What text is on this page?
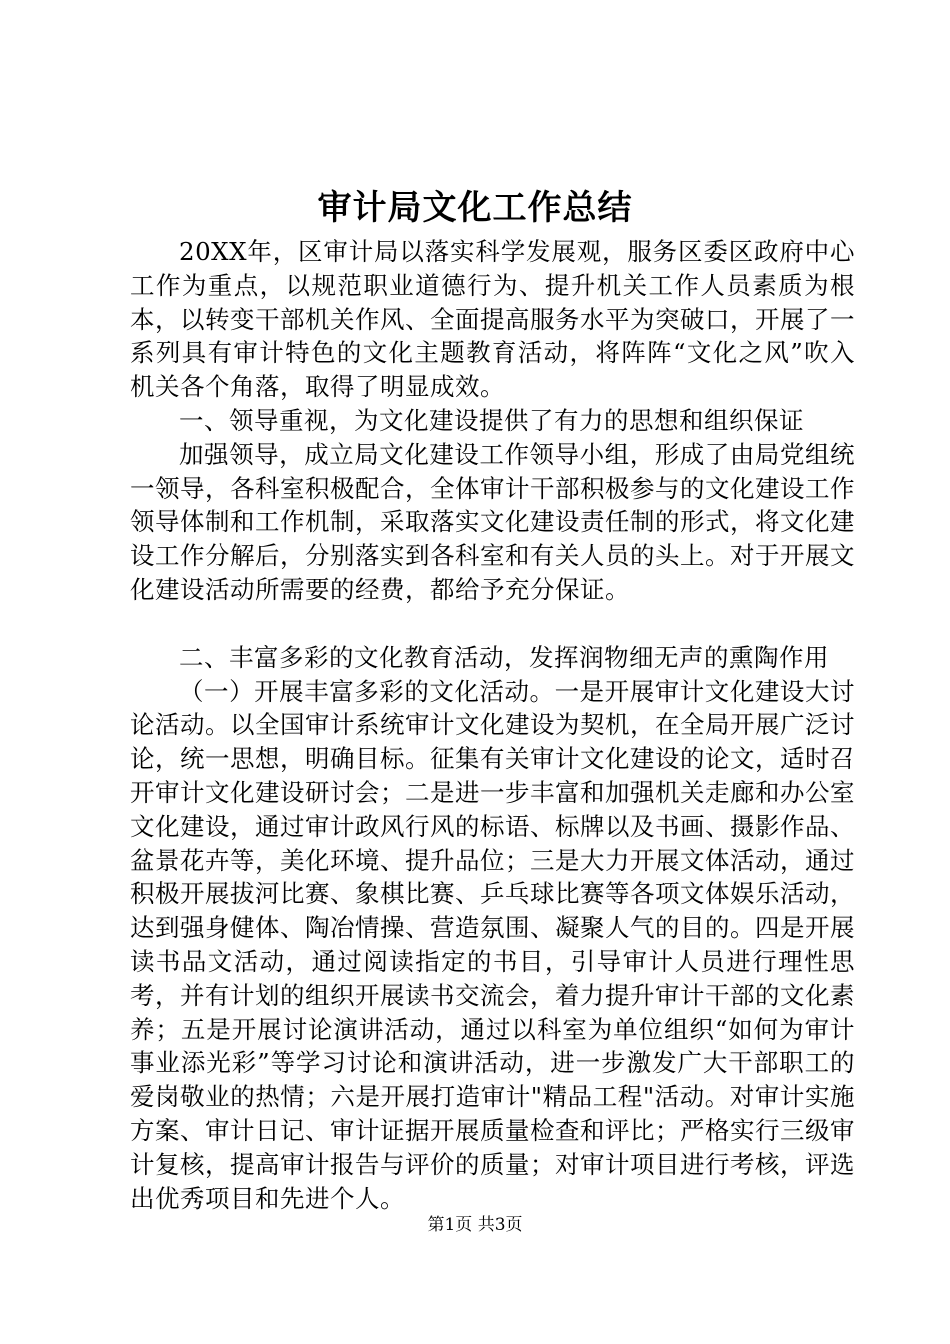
审计局文化工作总结

20XX年，区审计局以落实科学发展观，服务区委区政府中心工作为重点，以规范职业道德行为、提升机关工作人员素质为根本，以转变干部机关作风、全面提高服务水平为突破口，开展了一系列具有审计特色的文化主题教育活动，将阵阵“文化之风”吹入机关各个角落，取得了明显成效。

一、领导重视，为文化建设提供了有力的思想和组织保证

加强领导，成立局文化建设工作领导小组，形成了由局党组统一领导，各科室积极配合，全体审计干部积极参与的文化建设工作领导体制和工作机制，采取落实文化建设责任制的形式，将文化建设工作分解后，分别落实到各科室和有关人员的头上。对于开展文化建设活动所需要的经费，都给予充分保证。

二、丰富多彩的文化教育活动，发挥润物细无声的熏陶作用

（一）开展丰富多彩的文化活动。一是开展审计文化建设大讨论活动。以全国审计系统审计文化建设为契机，在全局开展广泛讨论，统一思想，明确目标。征集有关审计文化建设的论文，适时召开审计文化建设研讨会；二是进一步丰富和加强机关走廊和办公室文化建设，通过审计政风行风的标语、标牌以及书画、摄影作品、盆景花卉等，美化环境、提升品位；三是大力开展文体活动，通过积极开展拔河比赛、象棋比赛、乒乓球比赛等各项文体娱乐活动，达到强身健体、陶冶情操、营造氛围、凝聚人气的目的。四是开展读书品文活动，通过阅读指定的书目，引导审计人员进行理性思考，并有计划的组织开展读书交流会，着力提升审计干部的文化素养；五是开展讨论演讲活动，通过以科室为单位组织“如何为审计事业添光彩”等学习讨论和演讲活动，进一步激发广大干部职工的爱岗敬业的热情；六是开展打造审计"精品工程"活动。对审计实施方案、审计日记、审计证据开展质量检查和评比；严格实行三级审计复核，提高审计报告与评价的质量；对审计项目进行考核，评选出优秀项目和先进个人。

第1页 共3页
